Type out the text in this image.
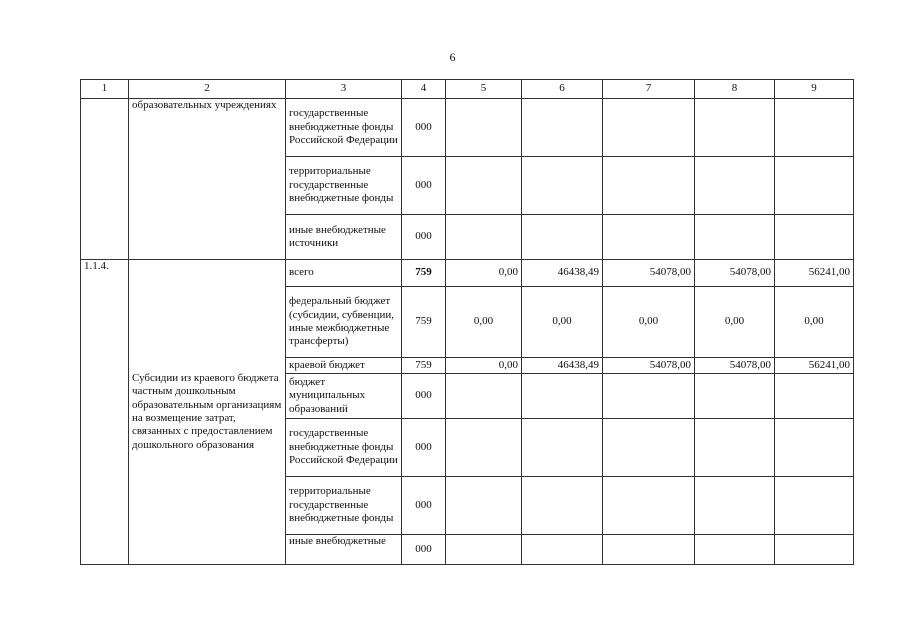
6
1	2	3	4	5	6	7	8	9
	образовательных учреждениях	государственные внебюджетные фонды Российской Федерации	000					
		территориальные государственные внебюджетные фонды	000					
		иные внебюджетные источники	000					
1.1.4.	Субсидии из краевого бюджета частным дошкольным образовательным организациям на возмещение затрат, связанных с предоставлением дошкольного образования	всего	759	0,00	46438,49	54078,00	54078,00	56241,00
		федеральный бюджет (субсидии, субвенции, иные межбюджетные трансферты)	759	0,00	0,00	0,00	0,00	0,00
		краевой бюджет	759	0,00	46438,49	54078,00	54078,00	56241,00
		бюджет муниципальных образований	000					
		государственные внебюджетные фонды Российской Федерации	000					
		территориальные государственные внебюджетные фонды	000					
		иные внебюджетные	000					
